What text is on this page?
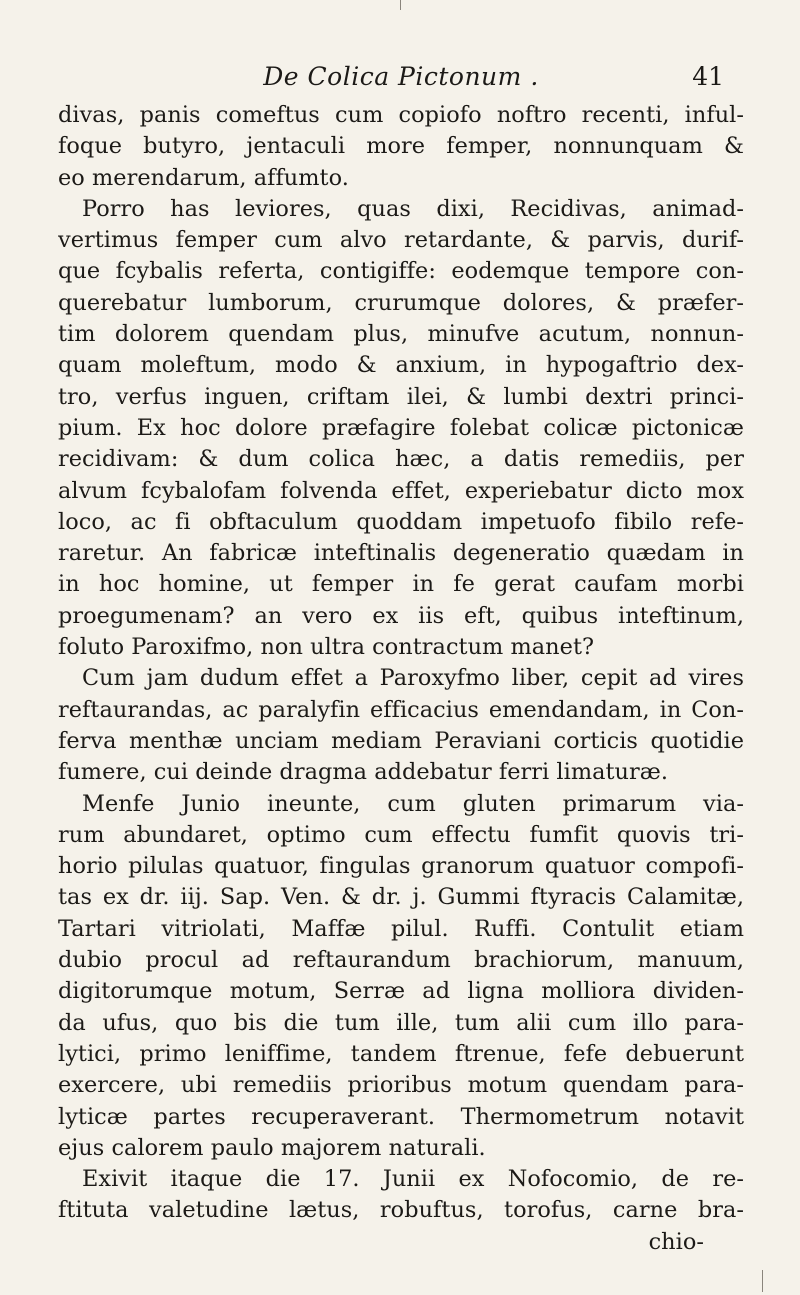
De Colica Pictonum .	41
divas, panis comeftus cum copiofo noftro recenti, inful-
foque butyro, jentaculi more femper, nonnunquam &
eo merendarum, affumto.
Porro has leviores, quas dixi, Recidivas, animad-
vertimus femper cum alvo retardante, & parvis, durif-
que fcybalis referta, contigiffe: eodemque tempore con-
querebatur lumborum, crurumque dolores, & præfer-
tim dolorem quendam plus, minufve acutum, nonnun-
quam moleftum, modo & anxium, in hypogaftrio dex-
tro, verfus inguen, criftam ilei, & lumbi dextri princi-
pium. Ex hoc dolore præfagire folebat colicæ pictonicæ
recidivam: & dum colica hæc, a datis remediis, per
alvum fcybalofam folvenda effet, experiebatur dicto mox
loco, ac fi obftaculum quoddam impetuofo fibilo refe-
raretur. An fabricæ inteftinalis degeneratio quædam in
in hoc homine, ut femper in fe gerat caufam morbi
proegumenam? an vero ex iis eft, quibus inteftinum,
foluto Paroxifmo, non ultra contractum manet?
Cum jam dudum effet a Paroxyfmo liber, cepit ad vires
reftaurandas, ac paralyfin efficacius emendandam, in Con-
ferva menthæ unciam mediam Peraviani corticis quotidie
fumere, cui deinde dragma addebatur ferri limaturæ.
Menfe Junio ineunte, cum gluten primarum via-
rum abundaret, optimo cum effectu fumfit quovis tri-
horio pilulas quatuor, fingulas granorum quatuor compofi-
tas ex dr. iij. Sap. Ven. & dr. j. Gummi ftyracis Calamitæ,
Tartari vitriolati, Maffæ pilul. Ruffi. Contulit etiam
dubio procul ad reftaurandum brachiorum, manuum,
digitorumque motum, Serræ ad ligna molliora dividen-
da ufus, quo bis die tum ille, tum alii cum illo para-
lytici, primo leniffime, tandem ftrenue, fefe debuerunt
exercere, ubi remediis prioribus motum quendam para-
lyticæ partes recuperaverant. Thermometrum notavit
ejus calorem paulo majorem naturali.
Exivit itaque die 17. Junii ex Nofocomio, de re-
ftituta valetudine lætus, robuftus, torofus, carne bra-
chio-
